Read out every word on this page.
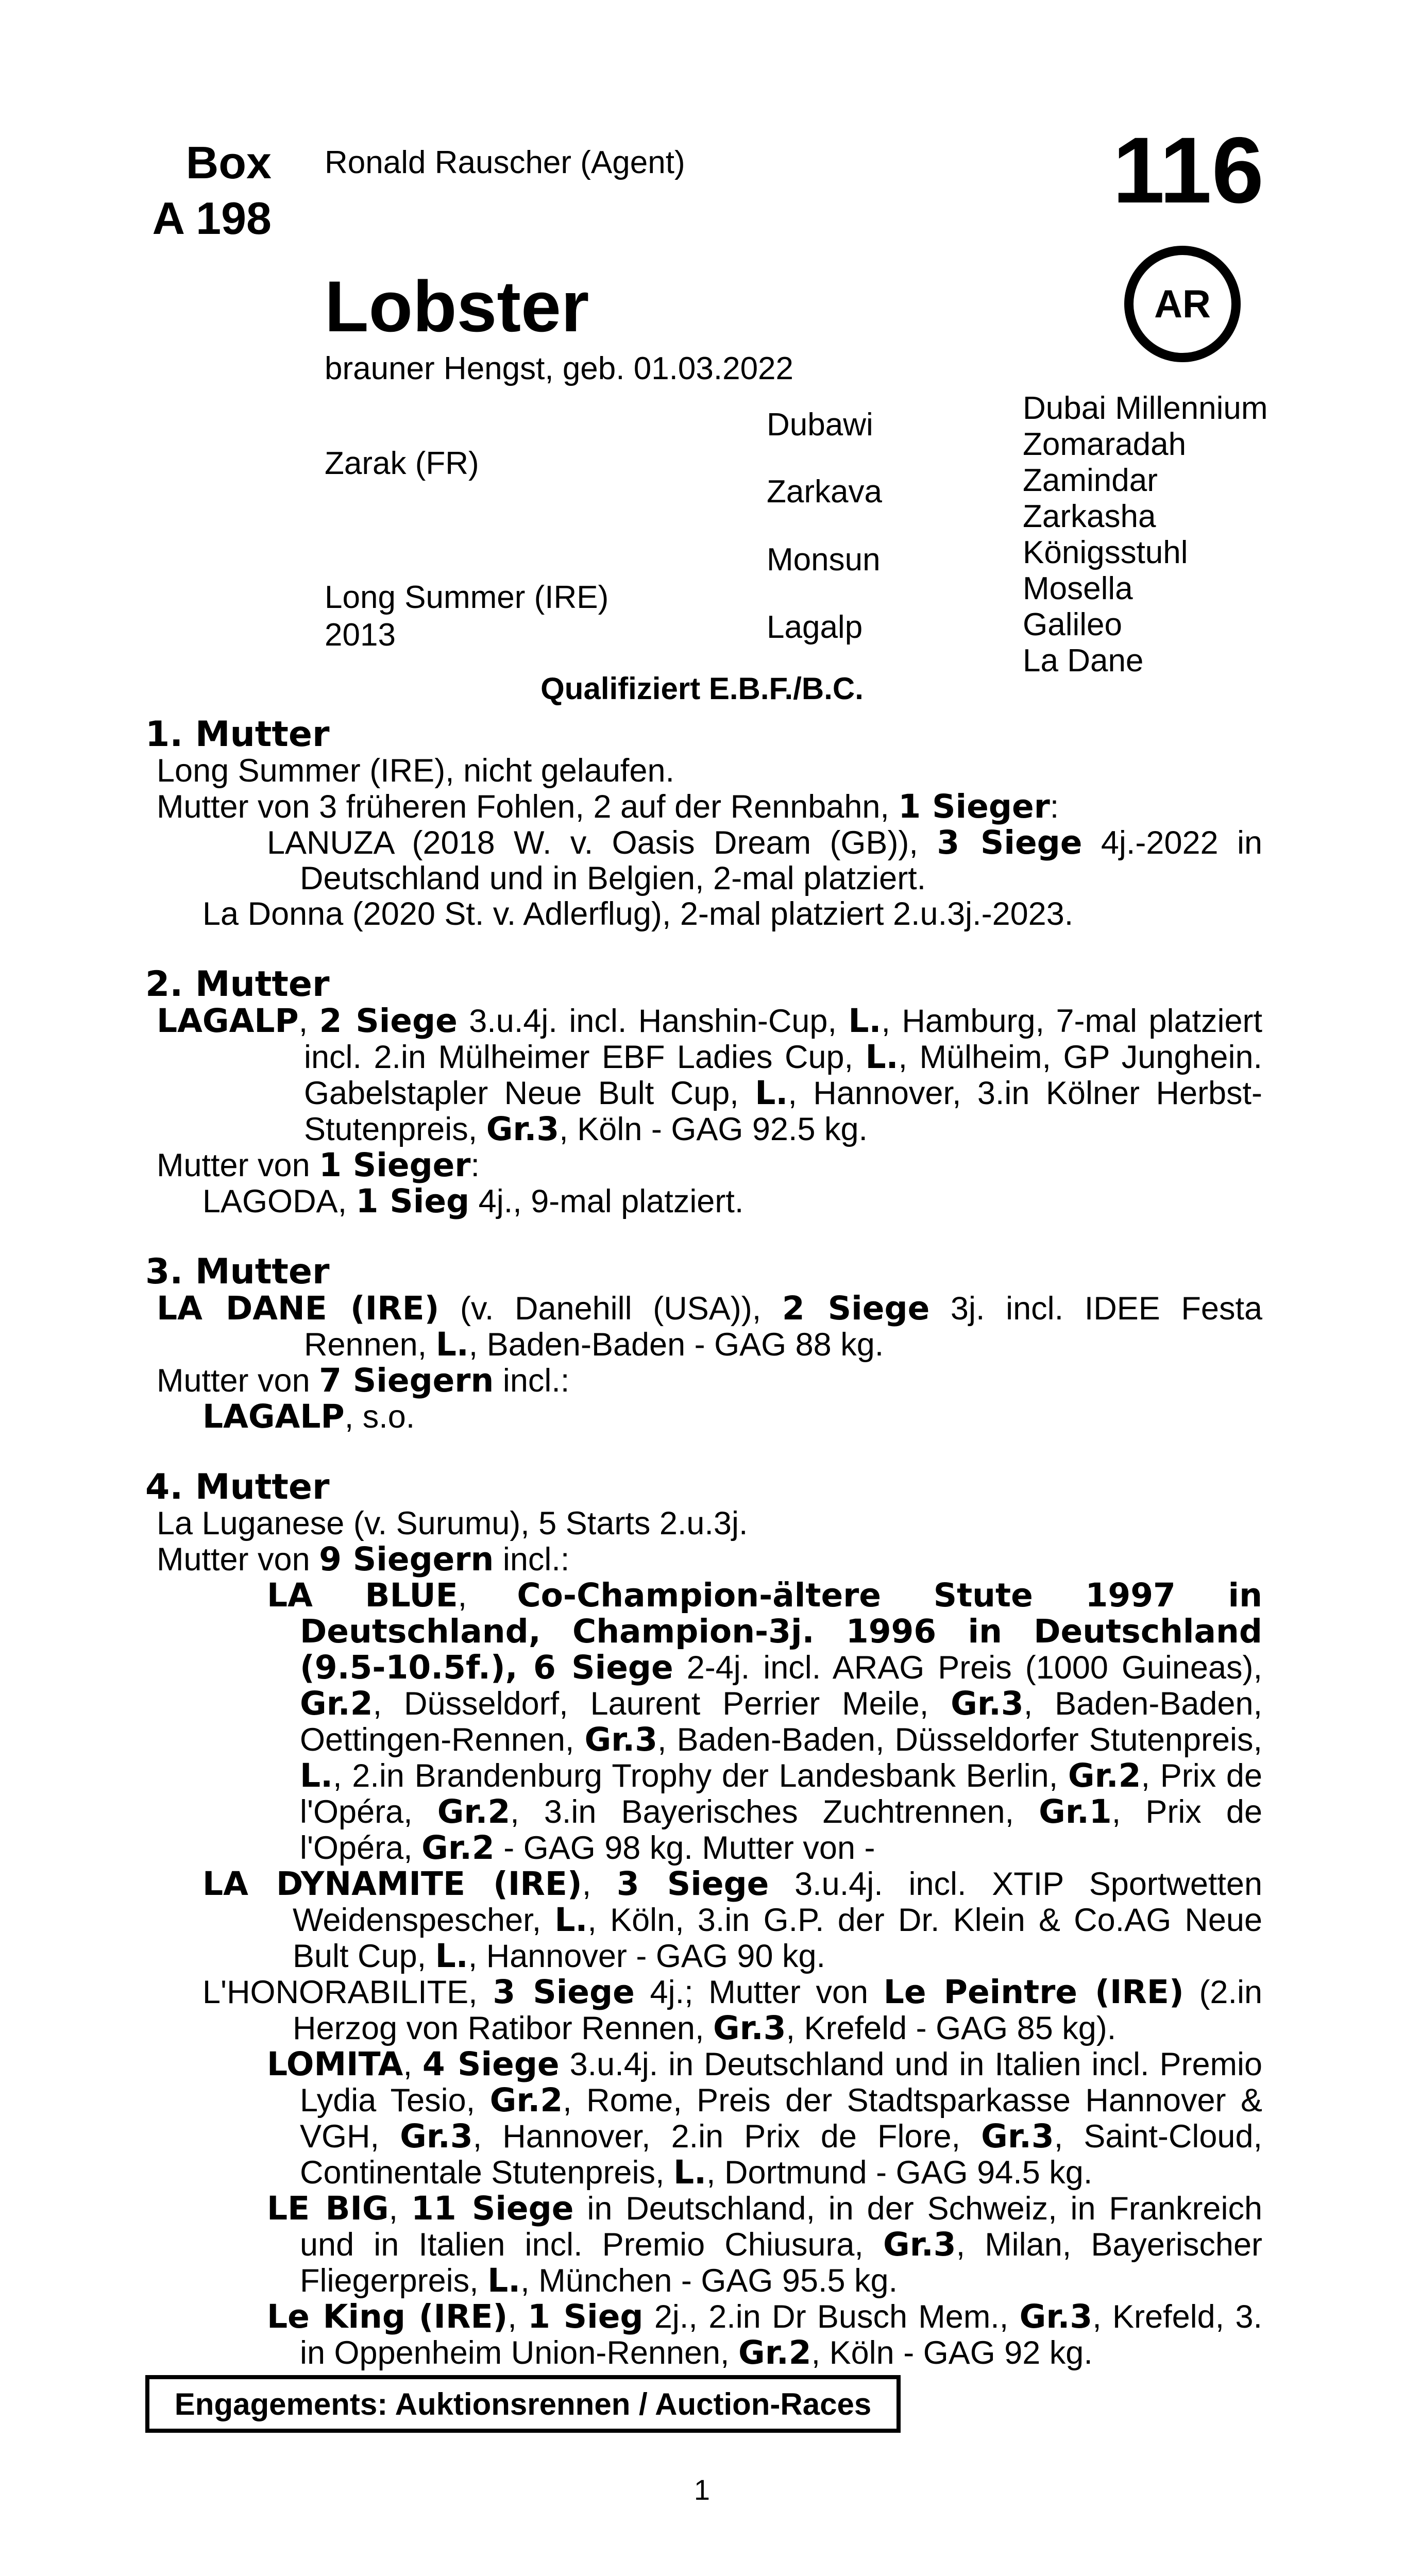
Box
A 198
Ronald Rauscher (Agent)	116
AR
Lobster
brauner Hengst, geb. 01.03.2022
Zarak (FR)
Long Summer (IRE)
2013
Dubawi
Zarkava
Monsun
Lagalp
Dubai Millennium
Zomaradah
Zamindar
Zarkasha
Königsstuhl
Mosella
Galileo
La Dane
Qualifiziert E.B.F./B.C.
1. Mutter

Long Summer (IRE), nicht gelaufen.

Mutter von 3 früheren Fohlen, 2 auf der Rennbahn, 1 Sieger:

LANUZA (2018 W. v. Oasis Dream (GB)), 3 Siege 4j.-2022 in Deutschland und in Belgien, 2-mal platziert.

La Donna (2020 St. v. Adlerflug), 2-mal platziert 2.u.3j.-2023.

2. Mutter

LAGALP, 2 Siege 3.u.4j. incl. Hanshin-Cup, L., Hamburg, 7-mal platziert incl. 2.in Mülheimer EBF Ladies Cup, L., Mülheim, GP Junghein. Gabelstapler Neue Bult Cup, L., Hannover, 3.in Kölner Herbst-Stutenpreis, Gr.3, Köln - GAG 92.5 kg.

Mutter von 1 Sieger:

LAGODA, 1 Sieg 4j., 9-mal platziert.

3. Mutter

LA DANE (IRE) (v. Danehill (USA)), 2 Siege 3j. incl. IDEE Festa Rennen, L., Baden-Baden - GAG 88 kg.

Mutter von 7 Siegern incl.:

LAGALP, s.o.

4. Mutter

La Luganese (v. Surumu), 5 Starts 2.u.3j.

Mutter von 9 Siegern incl.:

LA BLUE, Co-Champion-ältere Stute 1997 in Deutschland, Champion-3j. 1996 in Deutschland (9.5-10.5f.), 6 Siege 2-4j. incl. ARAG Preis (1000 Guineas), Gr.2, Düsseldorf, Laurent Perrier Meile, Gr.3, Baden-Baden, Oettingen-Rennen, Gr.3, Baden-Baden, Düsseldorfer Stutenpreis, L., 2.in Brandenburg Trophy der Landesbank Berlin, Gr.2, Prix de l'Opéra, Gr.2, 3.in Bayerisches Zuchtrennen, Gr.1, Prix de l'Opéra, Gr.2 - GAG 98 kg. Mutter von -

LA DYNAMITE (IRE), 3 Siege 3.u.4j. incl. XTIP Sportwetten Weidenspescher, L., Köln, 3.in G.P. der Dr. Klein & Co.AG Neue Bult Cup, L., Hannover - GAG 90 kg.

L'HONORABILITE, 3 Siege 4j.; Mutter von Le Peintre (IRE) (2.in Herzog von Ratibor Rennen, Gr.3, Krefeld - GAG 85 kg).

LOMITA, 4 Siege 3.u.4j. in Deutschland und in Italien incl. Premio Lydia Tesio, Gr.2, Rome, Preis der Stadtsparkasse Hannover & VGH, Gr.3, Hannover, 2.in Prix de Flore, Gr.3, Saint-Cloud, Continentale Stutenpreis, L., Dortmund - GAG 94.5 kg.

LE BIG, 11 Siege in Deutschland, in der Schweiz, in Frankreich und in Italien incl. Premio Chiusura, Gr.3, Milan, Bayerischer Fliegerpreis, L., München - GAG 95.5 kg.

Le King (IRE), 1 Sieg 2j., 2.in Dr Busch Mem., Gr.3, Krefeld, 3. in Oppenheim Union-Rennen, Gr.2, Köln - GAG 92 kg.

Engagements: Auktionsrennen / Auction-Races
1
